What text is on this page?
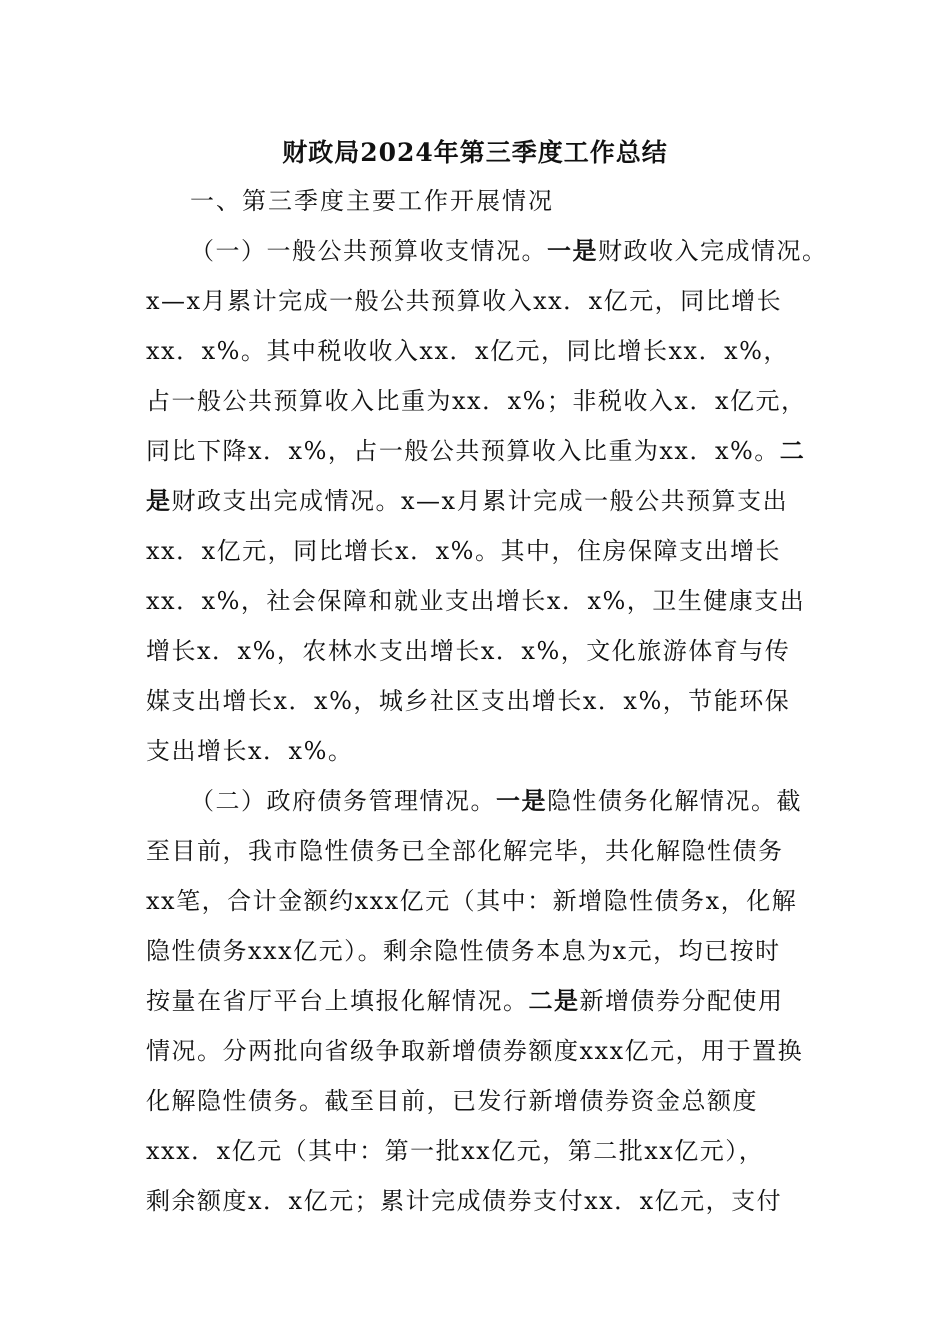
财政局2024年第三季度工作总结
一、第三季度主要工作开展情况
（一）一般公共预算收支情况。一是财政收入完成情况。
x—x月累计完成一般公共预算收入xx．x亿元，同比增长
xx．x%。其中税收收入xx．x亿元，同比增长xx．x%，
占一般公共预算收入比重为xx．x%；非税收入x．x亿元，
同比下降x．x%，占一般公共预算收入比重为xx．x%。二
是财政支出完成情况。x—x月累计完成一般公共预算支出
xx．x亿元，同比增长x．x%。其中，住房保障支出增长
xx．x%，社会保障和就业支出增长x．x%，卫生健康支出
增长x．x%，农林水支出增长x．x%，文化旅游体育与传
媒支出增长x．x%，城乡社区支出增长x．x%，节能环保
支出增长x．x%。
（二）政府债务管理情况。一是隐性债务化解情况。截
至目前，我市隐性债务已全部化解完毕，共化解隐性债务
xx笔，合计金额约xxx亿元（其中：新增隐性债务x，化解
隐性债务xxx亿元）。剩余隐性债务本息为x元，均已按时
按量在省厅平台上填报化解情况。二是新增债券分配使用
情况。分两批向省级争取新增债券额度xxx亿元，用于置换
化解隐性债务。截至目前，已发行新增债券资金总额度
xxx．x亿元（其中：第一批xx亿元，第二批xx亿元），
剩余额度x．x亿元；累计完成债券支付xx．x亿元，支付
